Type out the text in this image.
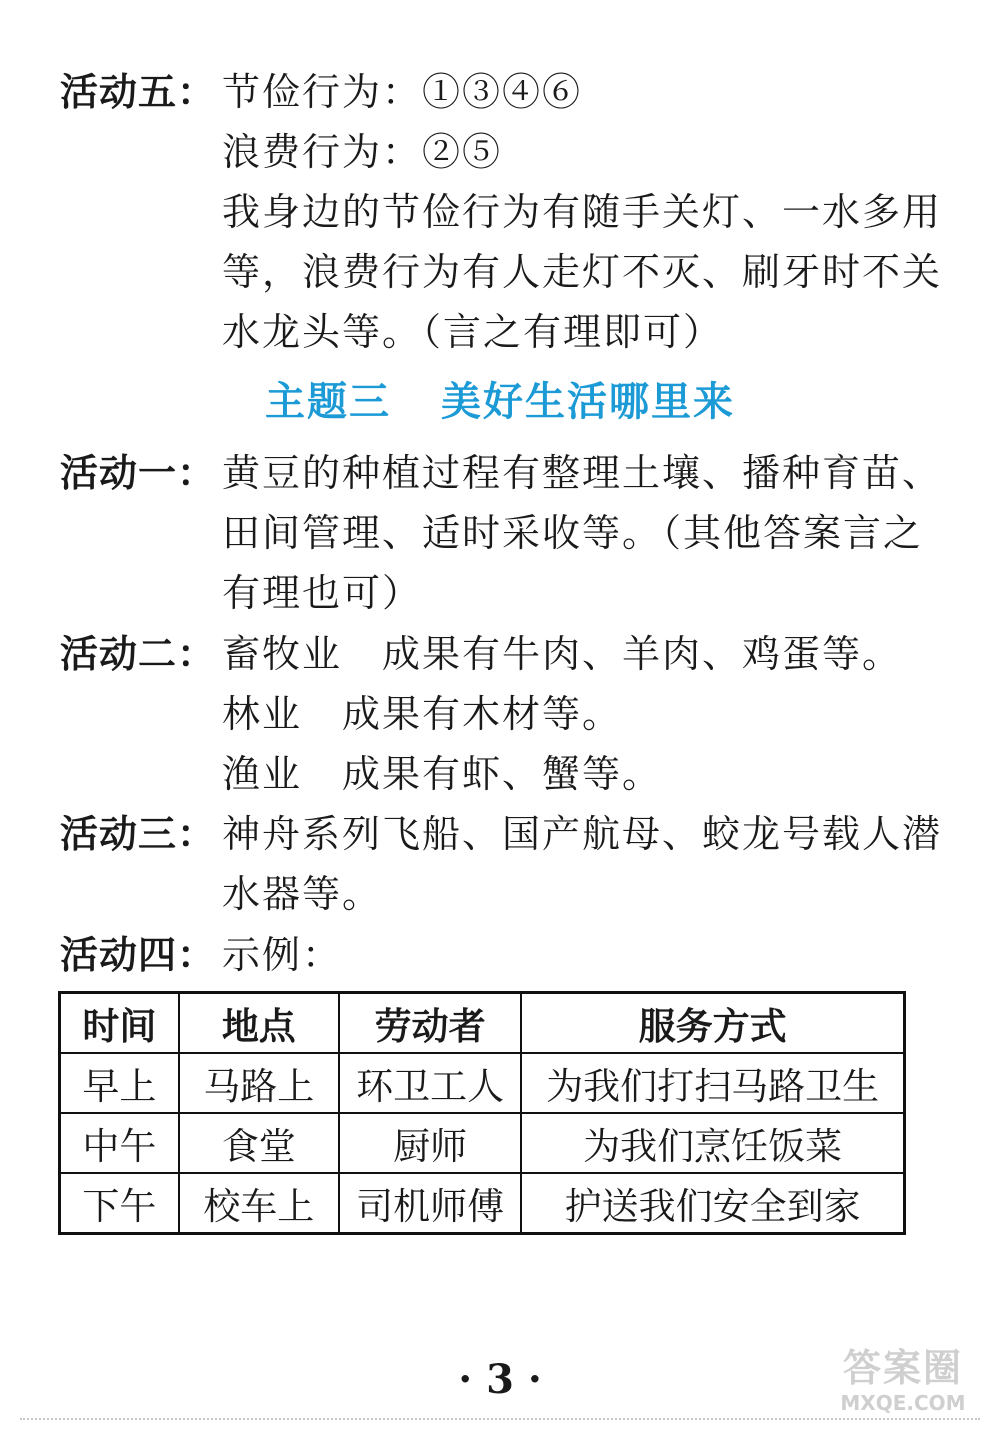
活动五： 节俭行为：①③④⑥

浪费行为：②⑤

我身边的节俭行为有随手关灯、一水多用

等，浪费行为有人走灯不灭、刷牙时不关

水龙头等。（言之有理即可）

主题三 美好生活哪里来
活动一： 黄豆的种植过程有整理土壤、播种育苗、

田间管理、适时采收等。（其他答案言之

有理也可）

活动二： 畜牧业 成果有牛肉、羊肉、鸡蛋等。

林业 成果有木材等。

渔业 成果有虾、蟹等。

活动三： 神舟系列飞船、国产航母、蛟龙号载人潜

水器等。

活动四： 示例：
时间	地点	劳动者	服务方式
早上	马路上	环卫工人	为我们打扫马路卫生
中午	食堂	厨师	为我们烹饪饭菜
下午	校车上	司机师傅	护送我们安全到家
· 3 ·	答案圈
MXQE.COM
